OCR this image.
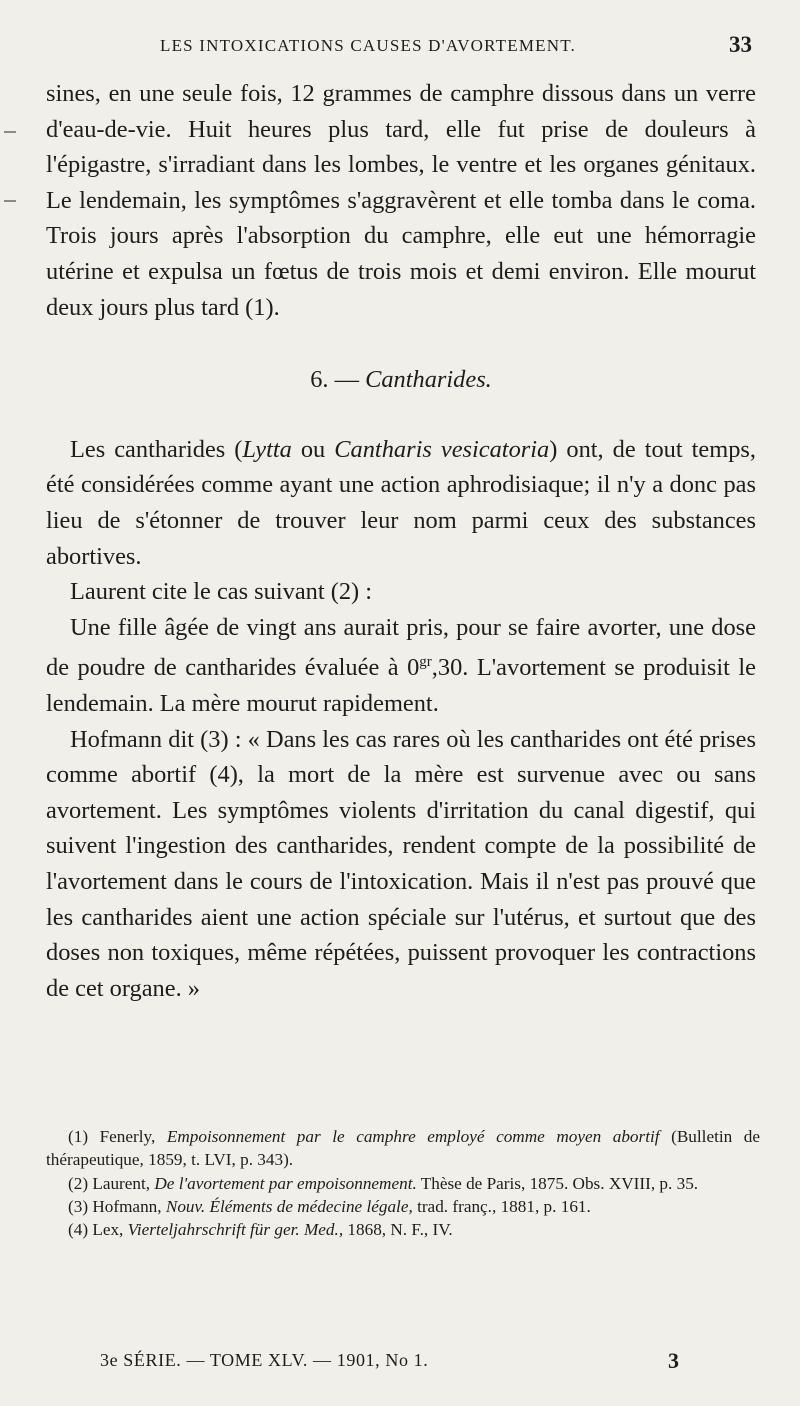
LES INTOXICATIONS CAUSES D'AVORTEMENT.	33

sines, en une seule fois, 12 grammes de camphre dissous dans un verre d'eau-de-vie. Huit heures plus tard, elle fut prise de douleurs à l'épigastre, s'irradiant dans les lombes, le ventre et les organes génitaux. Le lendemain, les symptômes s'aggravèrent et elle tomba dans le coma. Trois jours après l'absorption du camphre, elle eut une hémorragie utérine et expulsa un fœtus de trois mois et demi environ. Elle mourut deux jours plus tard (1).

6. — Cantharides.

Les cantharides (Lytta ou Cantharis vesicatoria) ont, de tout temps, été considérées comme ayant une action aphrodisiaque; il n'y a donc pas lieu de s'étonner de trouver leur nom parmi ceux des substances abortives.

Laurent cite le cas suivant (2) :

Une fille âgée de vingt ans aurait pris, pour se faire avorter, une dose de poudre de cantharides évaluée à $0^{gr},30$. L'avortement se produisit le lendemain. La mère mourut rapidement.

Hofmann dit (3) : « Dans les cas rares où les cantharides ont été prises comme abortif (4), la mort de la mère est survenue avec ou sans avortement. Les symptômes violents d'irritation du canal digestif, qui suivent l'ingestion des cantharides, rendent compte de la possibilité de l'avortement dans le cours de l'intoxication. Mais il n'est pas prouvé que les cantharides aient une action spéciale sur l'utérus, et surtout que des doses non toxiques, même répétées, puissent provoquer les contractions de cet organe. »

(1) Fenerly, Empoisonnement par le camphre employé comme moyen abortif (Bulletin de thérapeutique, 1859, t. LVI, p. 343).

(2) Laurent, De l'avortement par empoisonnement. Thèse de Paris, 1875. Obs. XVIII, p. 35.

(3) Hofmann, Nouv. Éléments de médecine légale, trad. franç., 1881, p. 161.

(4) Lex, Vierteljahrschrift für ger. Med., 1868, N. F., IV.

3e SÉRIE. — TOME XLV. — 1901, No 1.	3
